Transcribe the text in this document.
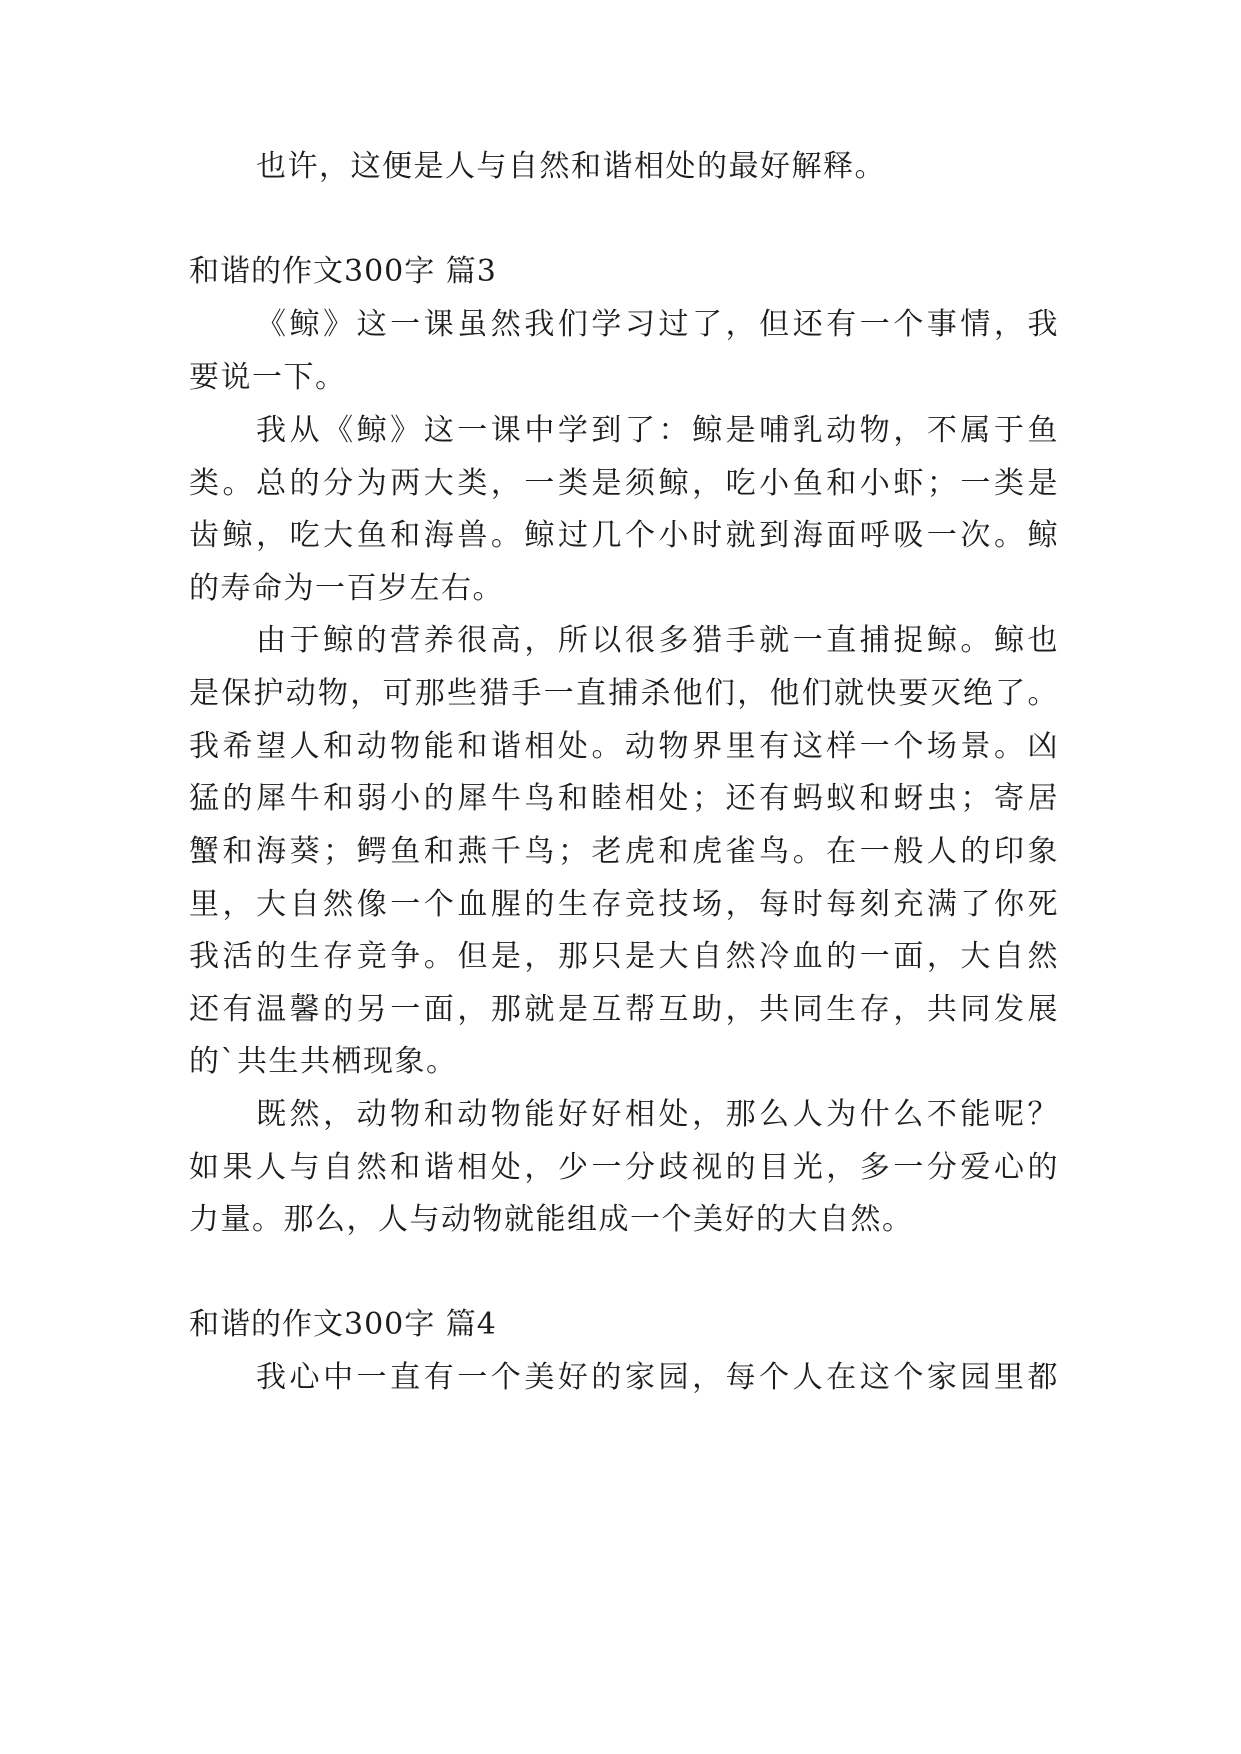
也许，这便是人与自然和谐相处的最好解释。
和谐的作文300字 篇3
《鲸》这一课虽然我们学习过了，但还有一个事情，我
要说一下。
我从《鲸》这一课中学到了：鲸是哺乳动物，不属于鱼
类。总的分为两大类，一类是须鲸，吃小鱼和小虾；一类是
齿鲸，吃大鱼和海兽。鲸过几个小时就到海面呼吸一次。鲸
的寿命为一百岁左右。
由于鲸的营养很高，所以很多猎手就一直捕捉鲸。鲸也
是保护动物，可那些猎手一直捕杀他们，他们就快要灭绝了。
我希望人和动物能和谐相处。动物界里有这样一个场景。凶
猛的犀牛和弱小的犀牛鸟和睦相处；还有蚂蚁和蚜虫；寄居
蟹和海葵；鳄鱼和燕千鸟；老虎和虎雀鸟。在一般人的印象
里，大自然像一个血腥的生存竞技场，每时每刻充满了你死
我活的生存竞争。但是，那只是大自然冷血的一面，大自然
还有温馨的另一面，那就是互帮互助，共同生存，共同发展
的`共生共栖现象。
既然，动物和动物能好好相处，那么人为什么不能呢？
如果人与自然和谐相处，少一分歧视的目光，多一分爱心的
力量。那么，人与动物就能组成一个美好的大自然。
和谐的作文300字 篇4
我心中一直有一个美好的家园，每个人在这个家园里都
